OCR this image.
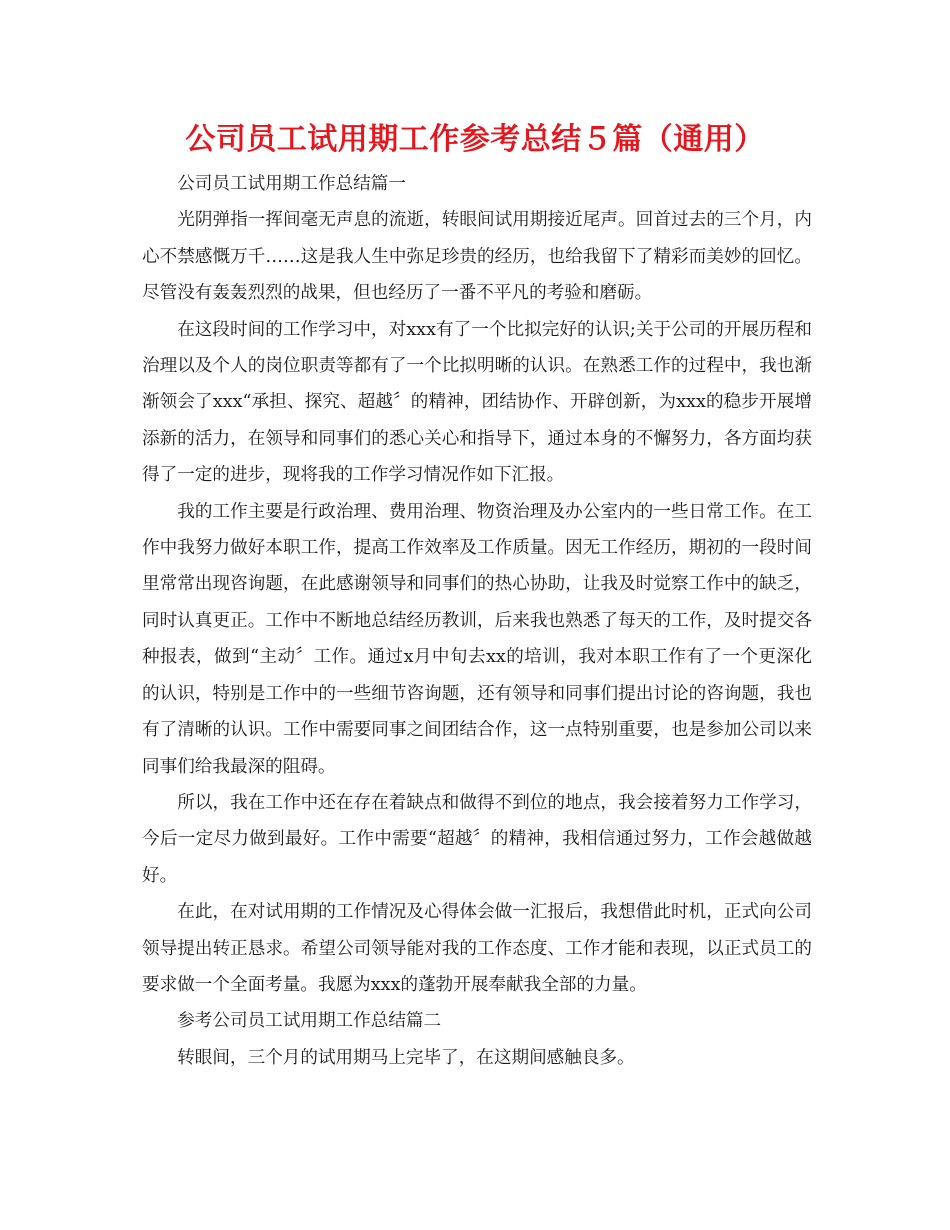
公司员工试用期工作参考总结５篇（通用）

公司员工试用期工作总结篇一

光阴弹指一挥间毫无声息的流逝，转眼间试用期接近尾声。回首过去的三个月，内心不禁感慨万千……这是我人生中弥足珍贵的经历，也给我留下了精彩而美妙的回忆。尽管没有轰轰烈烈的战果，但也经历了一番不平凡的考验和磨砺。

在这段时间的工作学习中，对xxx有了一个比拟完好的认识;关于公司的开展历程和治理以及个人的岗位职责等都有了一个比拟明晰的认识。在熟悉工作的过程中，我也渐渐领会了xxx“承担、探究、超越〞的精神，团结协作、开辟创新，为xxx的稳步开展增添新的活力，在领导和同事们的悉心关心和指导下，通过本身的不懈努力，各方面均获得了一定的进步，现将我的工作学习情况作如下汇报。

我的工作主要是行政治理、费用治理、物资治理及办公室内的一些日常工作。在工作中我努力做好本职工作，提高工作效率及工作质量。因无工作经历，期初的一段时间里常常出现咨询题，在此感谢领导和同事们的热心协助，让我及时觉察工作中的缺乏，同时认真更正。工作中不断地总结经历教训，后来我也熟悉了每天的工作，及时提交各种报表，做到“主动〞工作。通过x月中旬去xx的培训，我对本职工作有了一个更深化的认识，特别是工作中的一些细节咨询题，还有领导和同事们提出讨论的咨询题，我也有了清晰的认识。工作中需要同事之间团结合作，这一点特别重要，也是参加公司以来同事们给我最深的阻碍。

所以，我在工作中还在存在着缺点和做得不到位的地点，我会接着努力工作学习，今后一定尽力做到最好。工作中需要“超越〞的精神，我相信通过努力，工作会越做越好。

在此，在对试用期的工作情况及心得体会做一汇报后，我想借此时机，正式向公司领导提出转正恳求。希望公司领导能对我的工作态度、工作才能和表现，以正式员工的要求做一个全面考量。我愿为xxx的蓬勃开展奉献我全部的力量。

参考公司员工试用期工作总结篇二

转眼间，三个月的试用期马上完毕了，在这期间感触良多。
